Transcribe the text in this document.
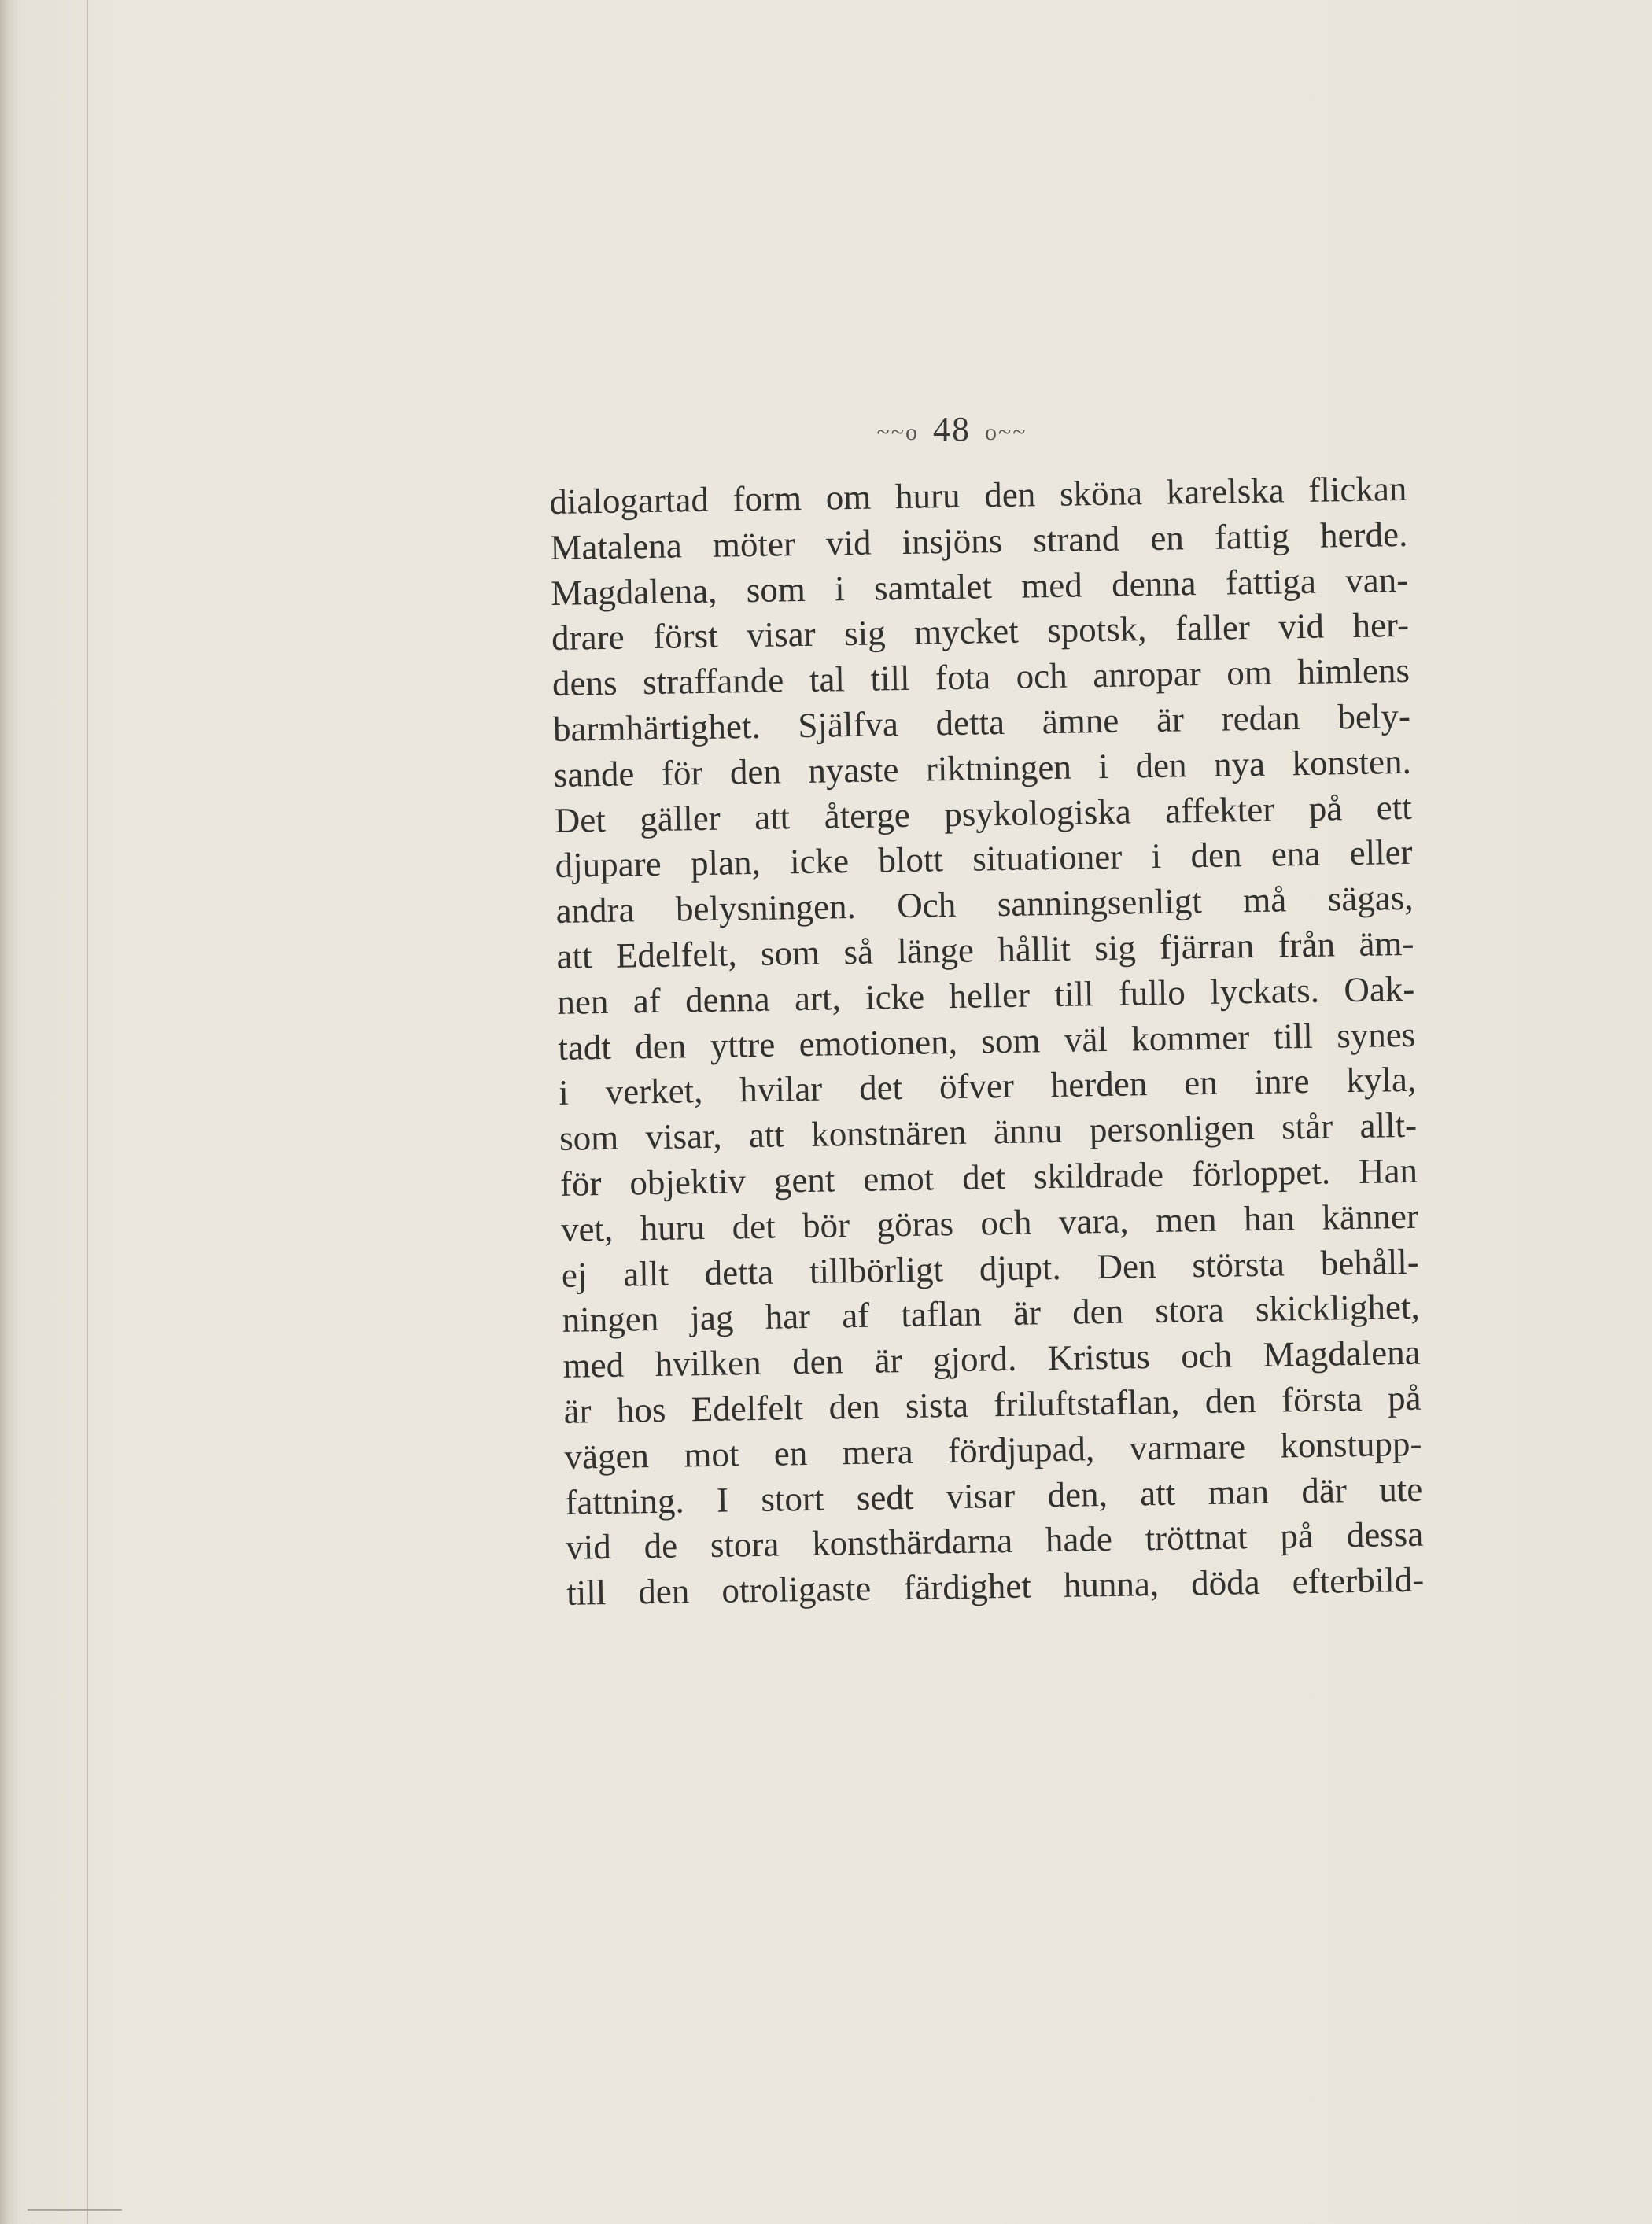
~~o 48 o~~
dialogartad form om huru den sköna karelska flickan
Matalena möter vid insjöns strand en fattig herde.
Magdalena, som i samtalet med denna fattiga van-
drare först visar sig mycket spotsk, faller vid her-
dens straffande tal till fota och anropar om himlens
barmhärtighet. Själfva detta ämne är redan bely-
sande för den nyaste riktningen i den nya konsten.
Det gäller att återge psykologiska affekter på ett
djupare plan, icke blott situationer i den ena eller
andra belysningen. Och sanningsenligt må sägas,
att Edelfelt, som så länge hållit sig fjärran från äm-
nen af denna art, icke heller till fullo lyckats. Oak-
tadt den yttre emotionen, som väl kommer till synes
i verket, hvilar det öfver herden en inre kyla,
som visar, att konstnären ännu personligen står allt-
för objektiv gent emot det skildrade förloppet. Han
vet, huru det bör göras och vara, men han känner
ej allt detta tillbörligt djupt. Den största behåll-
ningen jag har af taflan är den stora skicklighet,
med hvilken den är gjord. Kristus och Magdalena
är hos Edelfelt den sista friluftstaflan, den första på
vägen mot en mera fördjupad, varmare konstupp-
fattning. I stort sedt visar den, att man där ute
vid de stora konsthärdarna hade tröttnat på dessa
till den otroligaste färdighet hunna, döda efterbild-
